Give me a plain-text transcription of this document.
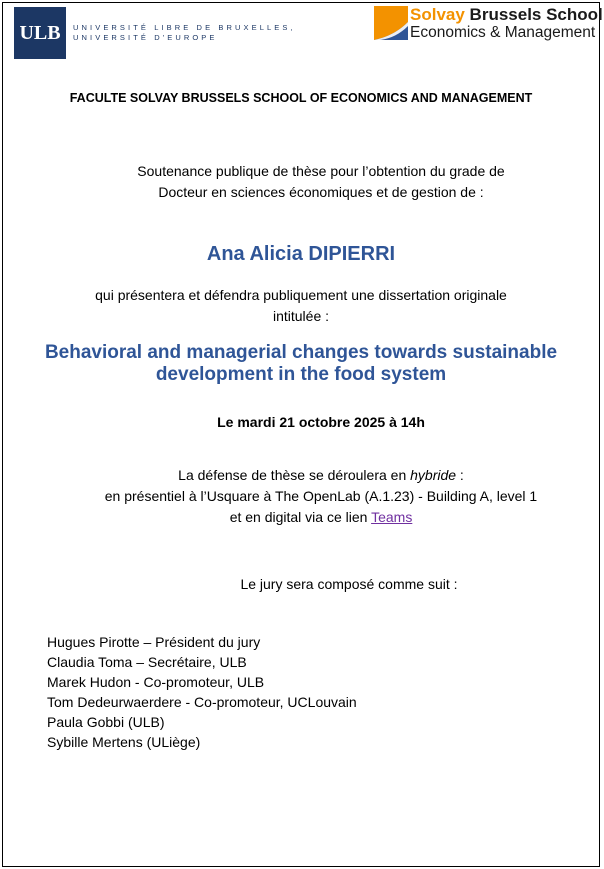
ULB UNIVERSITÉ LIBRE DE BRUXELLES,
UNIVERSITÉ D'EUROPE
Solvay Brussels School
Economics & Management
FACULTE SOLVAY BRUSSELS SCHOOL OF ECONOMICS AND MANAGEMENT
Soutenance publique de thèse pour l’obtention du grade de
Docteur en sciences économiques et de gestion de :
Ana Alicia DIPIERRI
qui présentera et défendra publiquement une dissertation originale
intitulée :
Behavioral and managerial changes towards sustainable
development in the food system
Le mardi 21 octobre 2025 à 14h
La défense de thèse se déroulera en hybride :
en présentiel à l’Usquare à The OpenLab (A.1.23) - Building A, level 1
et en digital via ce lien Teams
Le jury sera composé comme suit :
Hugues Pirotte – Président du jury
Claudia Toma – Secrétaire, ULB
Marek Hudon - Co-promoteur, ULB
Tom Dedeurwaerdere - Co-promoteur, UCLouvain
Paula Gobbi (ULB)
Sybille Mertens (ULiège)
